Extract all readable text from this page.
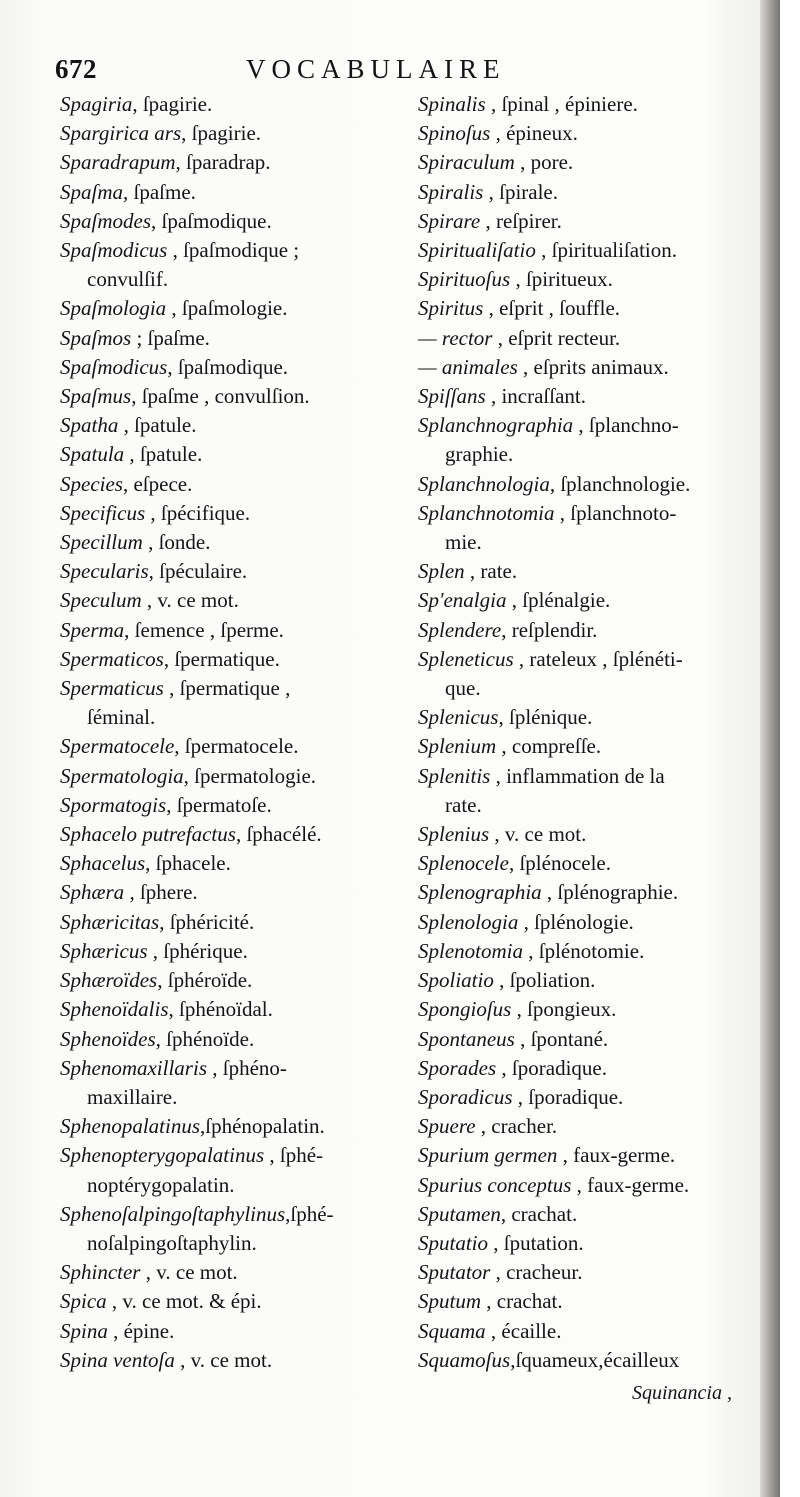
672	VOCABULAIRE

Spagiria, ſpagirie.

Spargirica ars, ſpagirie.

Sparadrapum, ſparadrap.

Spaſma, ſpaſme.

Spaſmodes, ſpaſmodique.

Spaſmodicus , ſpaſmodique ;
convulſif.

Spaſmologia , ſpaſmologie.

Spaſmos ; ſpaſme.

Spaſmodicus, ſpaſmodique.

Spaſmus, ſpaſme , convulſion.

Spatha , ſpatule.

Spatula , ſpatule.

Species, eſpece.

Specificus , ſpécifique.

Specillum , ſonde.

Specularis, ſpéculaire.

Speculum , v. ce mot.

Sperma, ſemence , ſperme.

Spermaticos, ſpermatique.

Spermaticus , ſpermatique ,
ſéminal.

Spermatocele, ſpermatocele.

Spermatologia, ſpermatologie.

Spormatogis, ſpermatoſe.

Sphacelo putrefactus, ſphacélé.

Sphacelus, ſphacele.

Sphæra , ſphere.

Sphæricitas, ſphéricité.

Sphæricus , ſphérique.

Sphæroïdes, ſphéroïde.

Sphenoïdalis, ſphénoïdal.

Sphenoïdes, ſphénoïde.

Sphenomaxillaris , ſphéno-
maxillaire.

Sphenopalatinus,ſphénopalatin.

Sphenopterygopalatinus , ſphé-
noptérygopalatin.

Sphenoſalpingoſtaphylinus,ſphé-
noſalpingoſtaphylin.

Sphincter , v. ce mot.

Spica , v. ce mot. & épi.

Spina , épine.

Spina ventoſa , v. ce mot.

Spinalis , ſpinal , épiniere.

Spinoſus , épineux.

Spiraculum , pore.

Spiralis , ſpirale.

Spirare , reſpirer.

Spiritualiſatio , ſpiritualiſation.

Spirituoſus , ſpiritueux.

Spiritus , eſprit , ſouffle.

— rector , eſprit recteur.

— animales , eſprits animaux.

Spiſſans , incraſſant.

Splanchnographia , ſplanchno-
graphie.

Splanchnologia, ſplanchnologie.

Splanchnotomia , ſplanchnoto-
mie.

Splen , rate.

Sp'enalgia , ſplénalgie.

Splendere, reſplendir.

Spleneticus , rateleux , ſplénéti-
que.

Splenicus, ſplénique.

Splenium , compreſſe.

Splenitis , inflammation de la
rate.

Splenius , v. ce mot.

Splenocele, ſplénocele.

Splenographia , ſplénographie.

Splenologia , ſplénologie.

Splenotomia , ſplénotomie.

Spoliatio , ſpoliation.

Spongioſus , ſpongieux.

Spontaneus , ſpontané.

Sporades , ſporadique.

Sporadicus , ſporadique.

Spuere , cracher.

Spurium germen , faux-germe.

Spurius conceptus , faux-germe.

Sputamen, crachat.

Sputatio , ſputation.

Sputator , cracheur.

Sputum , crachat.

Squama , écaille.

Squamoſus,ſquameux,écailleux

Squinancia ,
